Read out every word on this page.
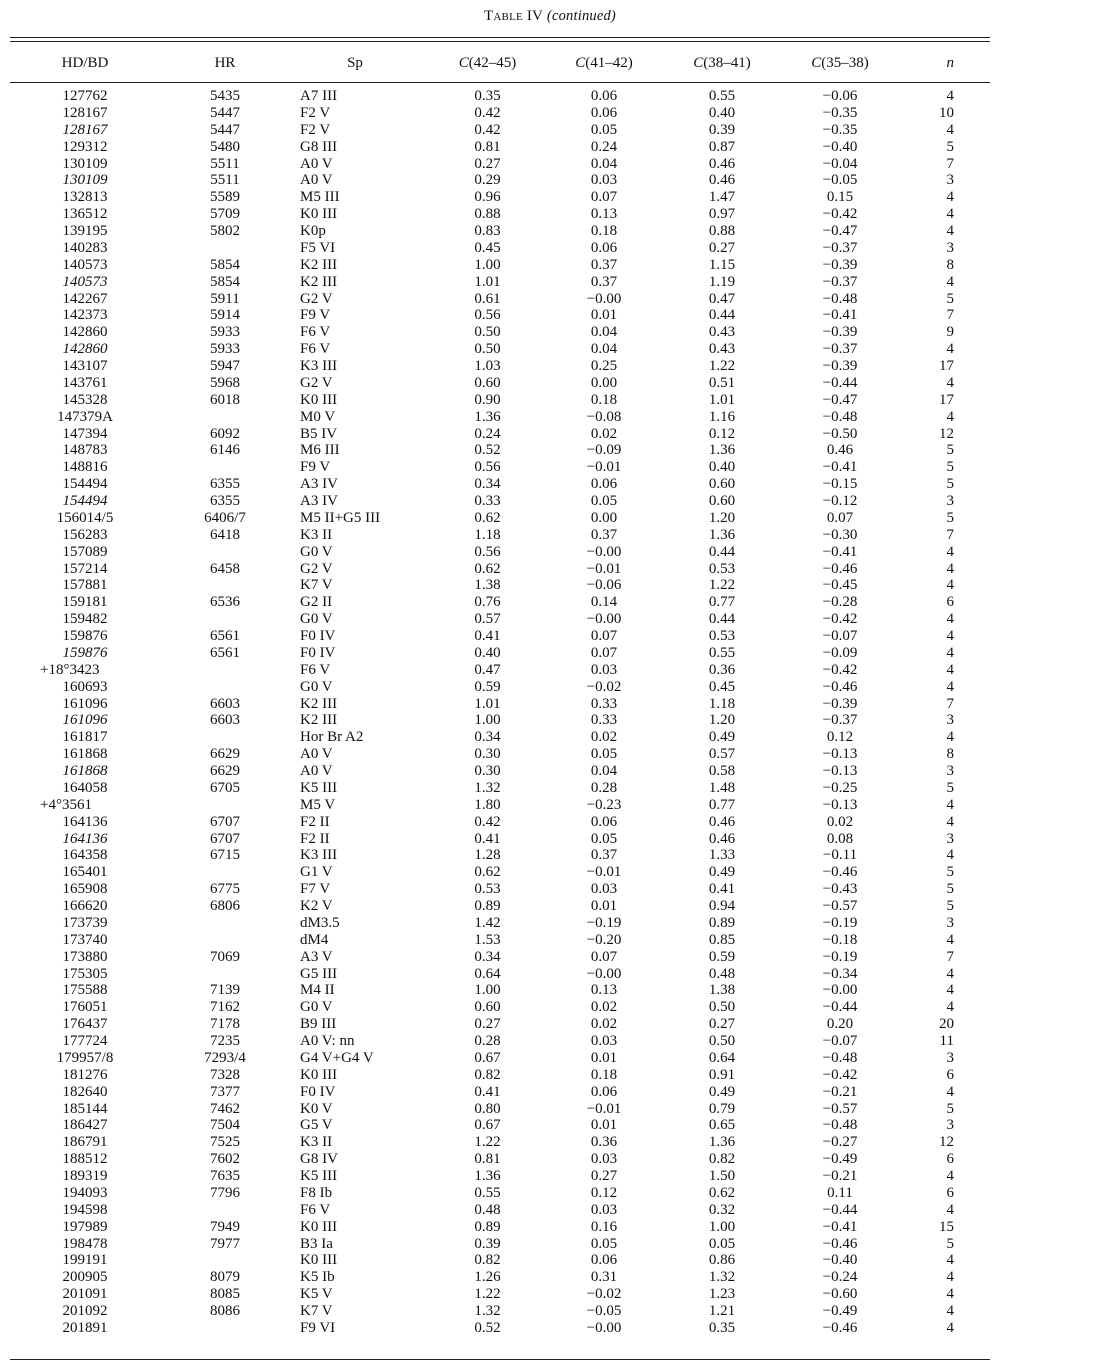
Table IV (continued)
HD/BD	HR	Sp	C(42–45)	C(41–42)	C(38–41)	C(35–38)	n

127762	5435	A7 III	0.35	0.06	0.55	−0.06	4
128167	5447	F2 V	0.42	0.06	0.40	−0.35	10
128167	5447	F2 V	0.42	0.05	0.39	−0.35	4
129312	5480	G8 III	0.81	0.24	0.87	−0.40	5
130109	5511	A0 V	0.27	0.04	0.46	−0.04	7
130109	5511	A0 V	0.29	0.03	0.46	−0.05	3
132813	5589	M5 III	0.96	0.07	1.47	0.15	4
136512	5709	K0 III	0.88	0.13	0.97	−0.42	4
139195	5802	K0p	0.83	0.18	0.88	−0.47	4
140283		F5 VI	0.45	0.06	0.27	−0.37	3
140573	5854	K2 III	1.00	0.37	1.15	−0.39	8
140573	5854	K2 III	1.01	0.37	1.19	−0.37	4
142267	5911	G2 V	0.61	−0.00	0.47	−0.48	5
142373	5914	F9 V	0.56	0.01	0.44	−0.41	7
142860	5933	F6 V	0.50	0.04	0.43	−0.39	9
142860	5933	F6 V	0.50	0.04	0.43	−0.37	4
143107	5947	K3 III	1.03	0.25	1.22	−0.39	17
143761	5968	G2 V	0.60	0.00	0.51	−0.44	4
145328	6018	K0 III	0.90	0.18	1.01	−0.47	17
147379A		M0 V	1.36	−0.08	1.16	−0.48	4
147394	6092	B5 IV	0.24	0.02	0.12	−0.50	12
148783	6146	M6 III	0.52	−0.09	1.36	0.46	5
148816		F9 V	0.56	−0.01	0.40	−0.41	5
154494	6355	A3 IV	0.34	0.06	0.60	−0.15	5
154494	6355	A3 IV	0.33	0.05	0.60	−0.12	3
156014/5	6406/7	M5 II+G5 III	0.62	0.00	1.20	0.07	5
156283	6418	K3 II	1.18	0.37	1.36	−0.30	7
157089		G0 V	0.56	−0.00	0.44	−0.41	4
157214	6458	G2 V	0.62	−0.01	0.53	−0.46	4
157881		K7 V	1.38	−0.06	1.22	−0.45	4
159181	6536	G2 II	0.76	0.14	0.77	−0.28	6
159482		G0 V	0.57	−0.00	0.44	−0.42	4
159876	6561	F0 IV	0.41	0.07	0.53	−0.07	4
159876	6561	F0 IV	0.40	0.07	0.55	−0.09	4
+18°3423		F6 V	0.47	0.03	0.36	−0.42	4
160693		G0 V	0.59	−0.02	0.45	−0.46	4
161096	6603	K2 III	1.01	0.33	1.18	−0.39	7
161096	6603	K2 III	1.00	0.33	1.20	−0.37	3
161817		Hor Br A2	0.34	0.02	0.49	0.12	4
161868	6629	A0 V	0.30	0.05	0.57	−0.13	8
161868	6629	A0 V	0.30	0.04	0.58	−0.13	3
164058	6705	K5 III	1.32	0.28	1.48	−0.25	5
+4°3561		M5 V	1.80	−0.23	0.77	−0.13	4
164136	6707	F2 II	0.42	0.06	0.46	0.02	4
164136	6707	F2 II	0.41	0.05	0.46	0.08	3
164358	6715	K3 III	1.28	0.37	1.33	−0.11	4
165401		G1 V	0.62	−0.01	0.49	−0.46	5
165908	6775	F7 V	0.53	0.03	0.41	−0.43	5
166620	6806	K2 V	0.89	0.01	0.94	−0.57	5
173739		dM3.5	1.42	−0.19	0.89	−0.19	3
173740		dM4	1.53	−0.20	0.85	−0.18	4
173880	7069	A3 V	0.34	0.07	0.59	−0.19	7
175305		G5 III	0.64	−0.00	0.48	−0.34	4
175588	7139	M4 II	1.00	0.13	1.38	−0.00	4
176051	7162	G0 V	0.60	0.02	0.50	−0.44	4
176437	7178	B9 III	0.27	0.02	0.27	0.20	20
177724	7235	A0 V: nn	0.28	0.03	0.50	−0.07	11
179957/8	7293/4	G4 V+G4 V	0.67	0.01	0.64	−0.48	3
181276	7328	K0 III	0.82	0.18	0.91	−0.42	6
182640	7377	F0 IV	0.41	0.06	0.49	−0.21	4
185144	7462	K0 V	0.80	−0.01	0.79	−0.57	5
186427	7504	G5 V	0.67	0.01	0.65	−0.48	3
186791	7525	K3 II	1.22	0.36	1.36	−0.27	12
188512	7602	G8 IV	0.81	0.03	0.82	−0.49	6
189319	7635	K5 III	1.36	0.27	1.50	−0.21	4
194093	7796	F8 Ib	0.55	0.12	0.62	0.11	6
194598		F6 V	0.48	0.03	0.32	−0.44	4
197989	7949	K0 III	0.89	0.16	1.00	−0.41	15
198478	7977	B3 Ia	0.39	0.05	0.05	−0.46	5
199191		K0 III	0.82	0.06	0.86	−0.40	4
200905	8079	K5 Ib	1.26	0.31	1.32	−0.24	4
201091	8085	K5 V	1.22	−0.02	1.23	−0.60	4
201092	8086	K7 V	1.32	−0.05	1.21	−0.49	4
201891		F9 VI	0.52	−0.00	0.35	−0.46	4
